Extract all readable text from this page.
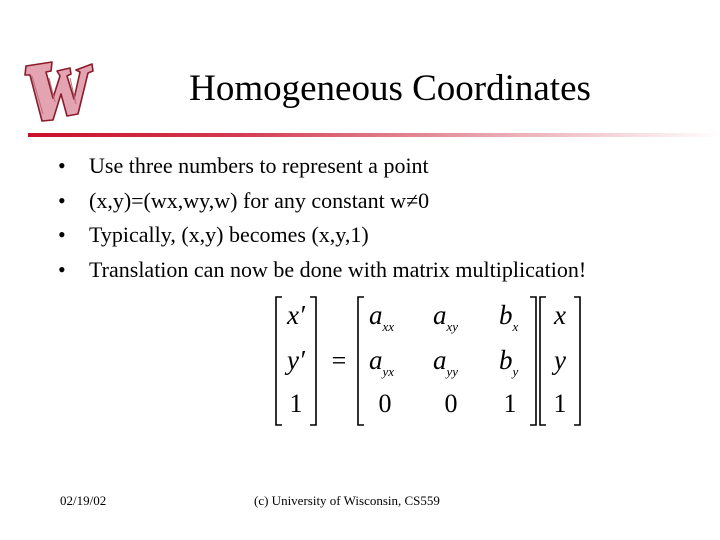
Homogeneous Coordinates
• Use three numbers to represent a point
• (x,y)=(wx,wy,w) for any constant w≠0
• Typically, (x,y) becomes (x,y,1)
• Translation can now be done with matrix multiplication!
x′
y′
1
=
$a_{xx}$ $a_{xy}$ $b_x$
$a_{yx}$ $a_{yy}$ $b_y$
0 0 1
x
y
1
02/19/02	(c) University of Wisconsin, CS559
